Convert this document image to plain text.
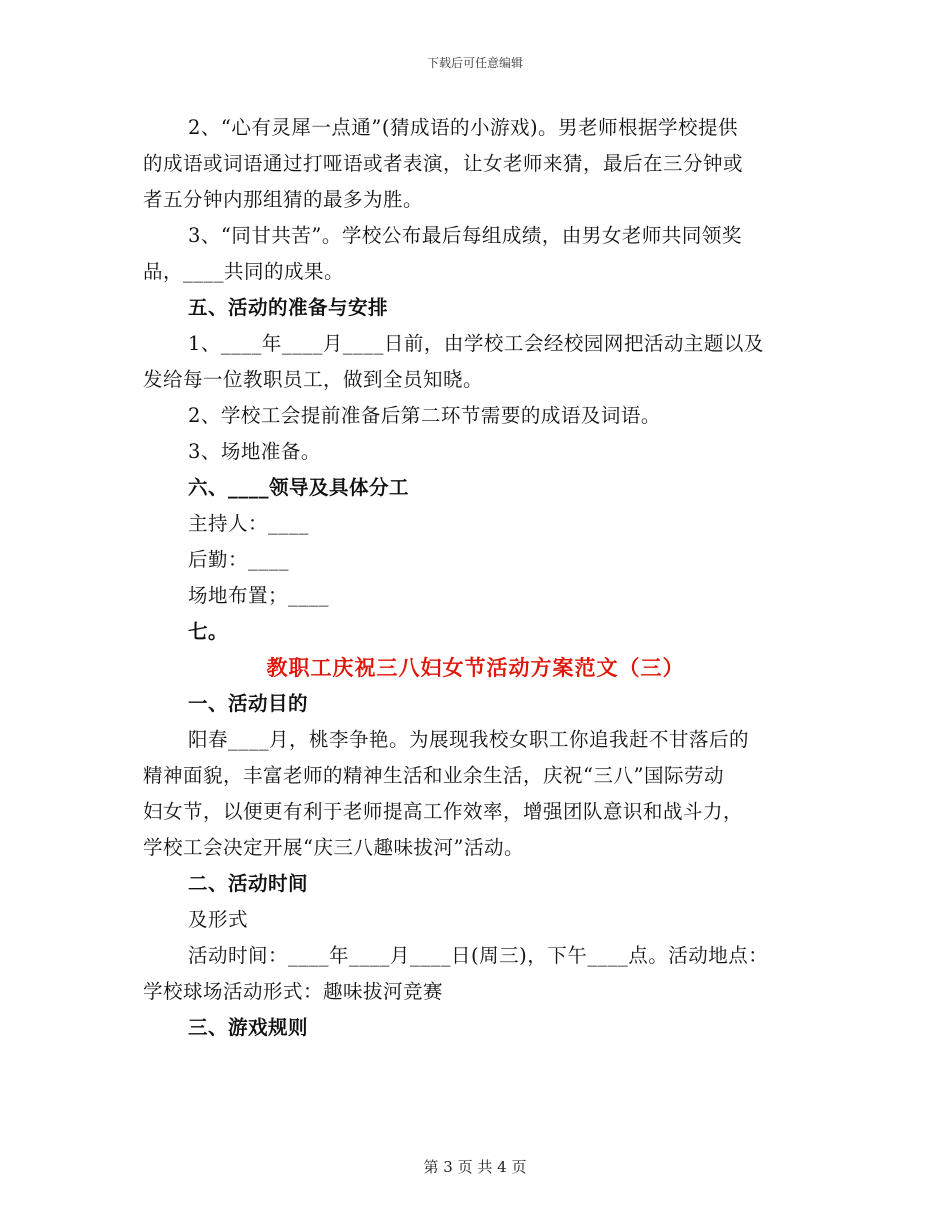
下载后可任意编辑
2、“心有灵犀一点通”(猜成语的小游戏)。男老师根据学校提供
的成语或词语通过打哑语或者表演，让女老师来猜，最后在三分钟或
者五分钟内那组猜的最多为胜。
3、“同甘共苦”。学校公布最后每组成绩，由男女老师共同领奖
品，____共同的成果。
五、活动的准备与安排
1、____年____月____日前，由学校工会经校园网把活动主题以及
发给每一位教职员工，做到全员知晓。
2、学校工会提前准备后第二环节需要的成语及词语。
3、场地准备。
六、____领导及具体分工
主持人：____
后勤：____
场地布置；____
七。
教职工庆祝三八妇女节活动方案范文（三）
一、活动目的
阳春____月，桃李争艳。为展现我校女职工你追我赶不甘落后的
精神面貌，丰富老师的精神生活和业余生活，庆祝“三八”国际劳动
妇女节，以便更有利于老师提高工作效率，增强团队意识和战斗力，
学校工会决定开展“庆三八趣味拔河”活动。
二、活动时间
及形式
活动时间：____年____月____日(周三)，下午____点。活动地点：
学校球场活动形式：趣味拔河竞赛
三、游戏规则
第 3 页 共 4 页
